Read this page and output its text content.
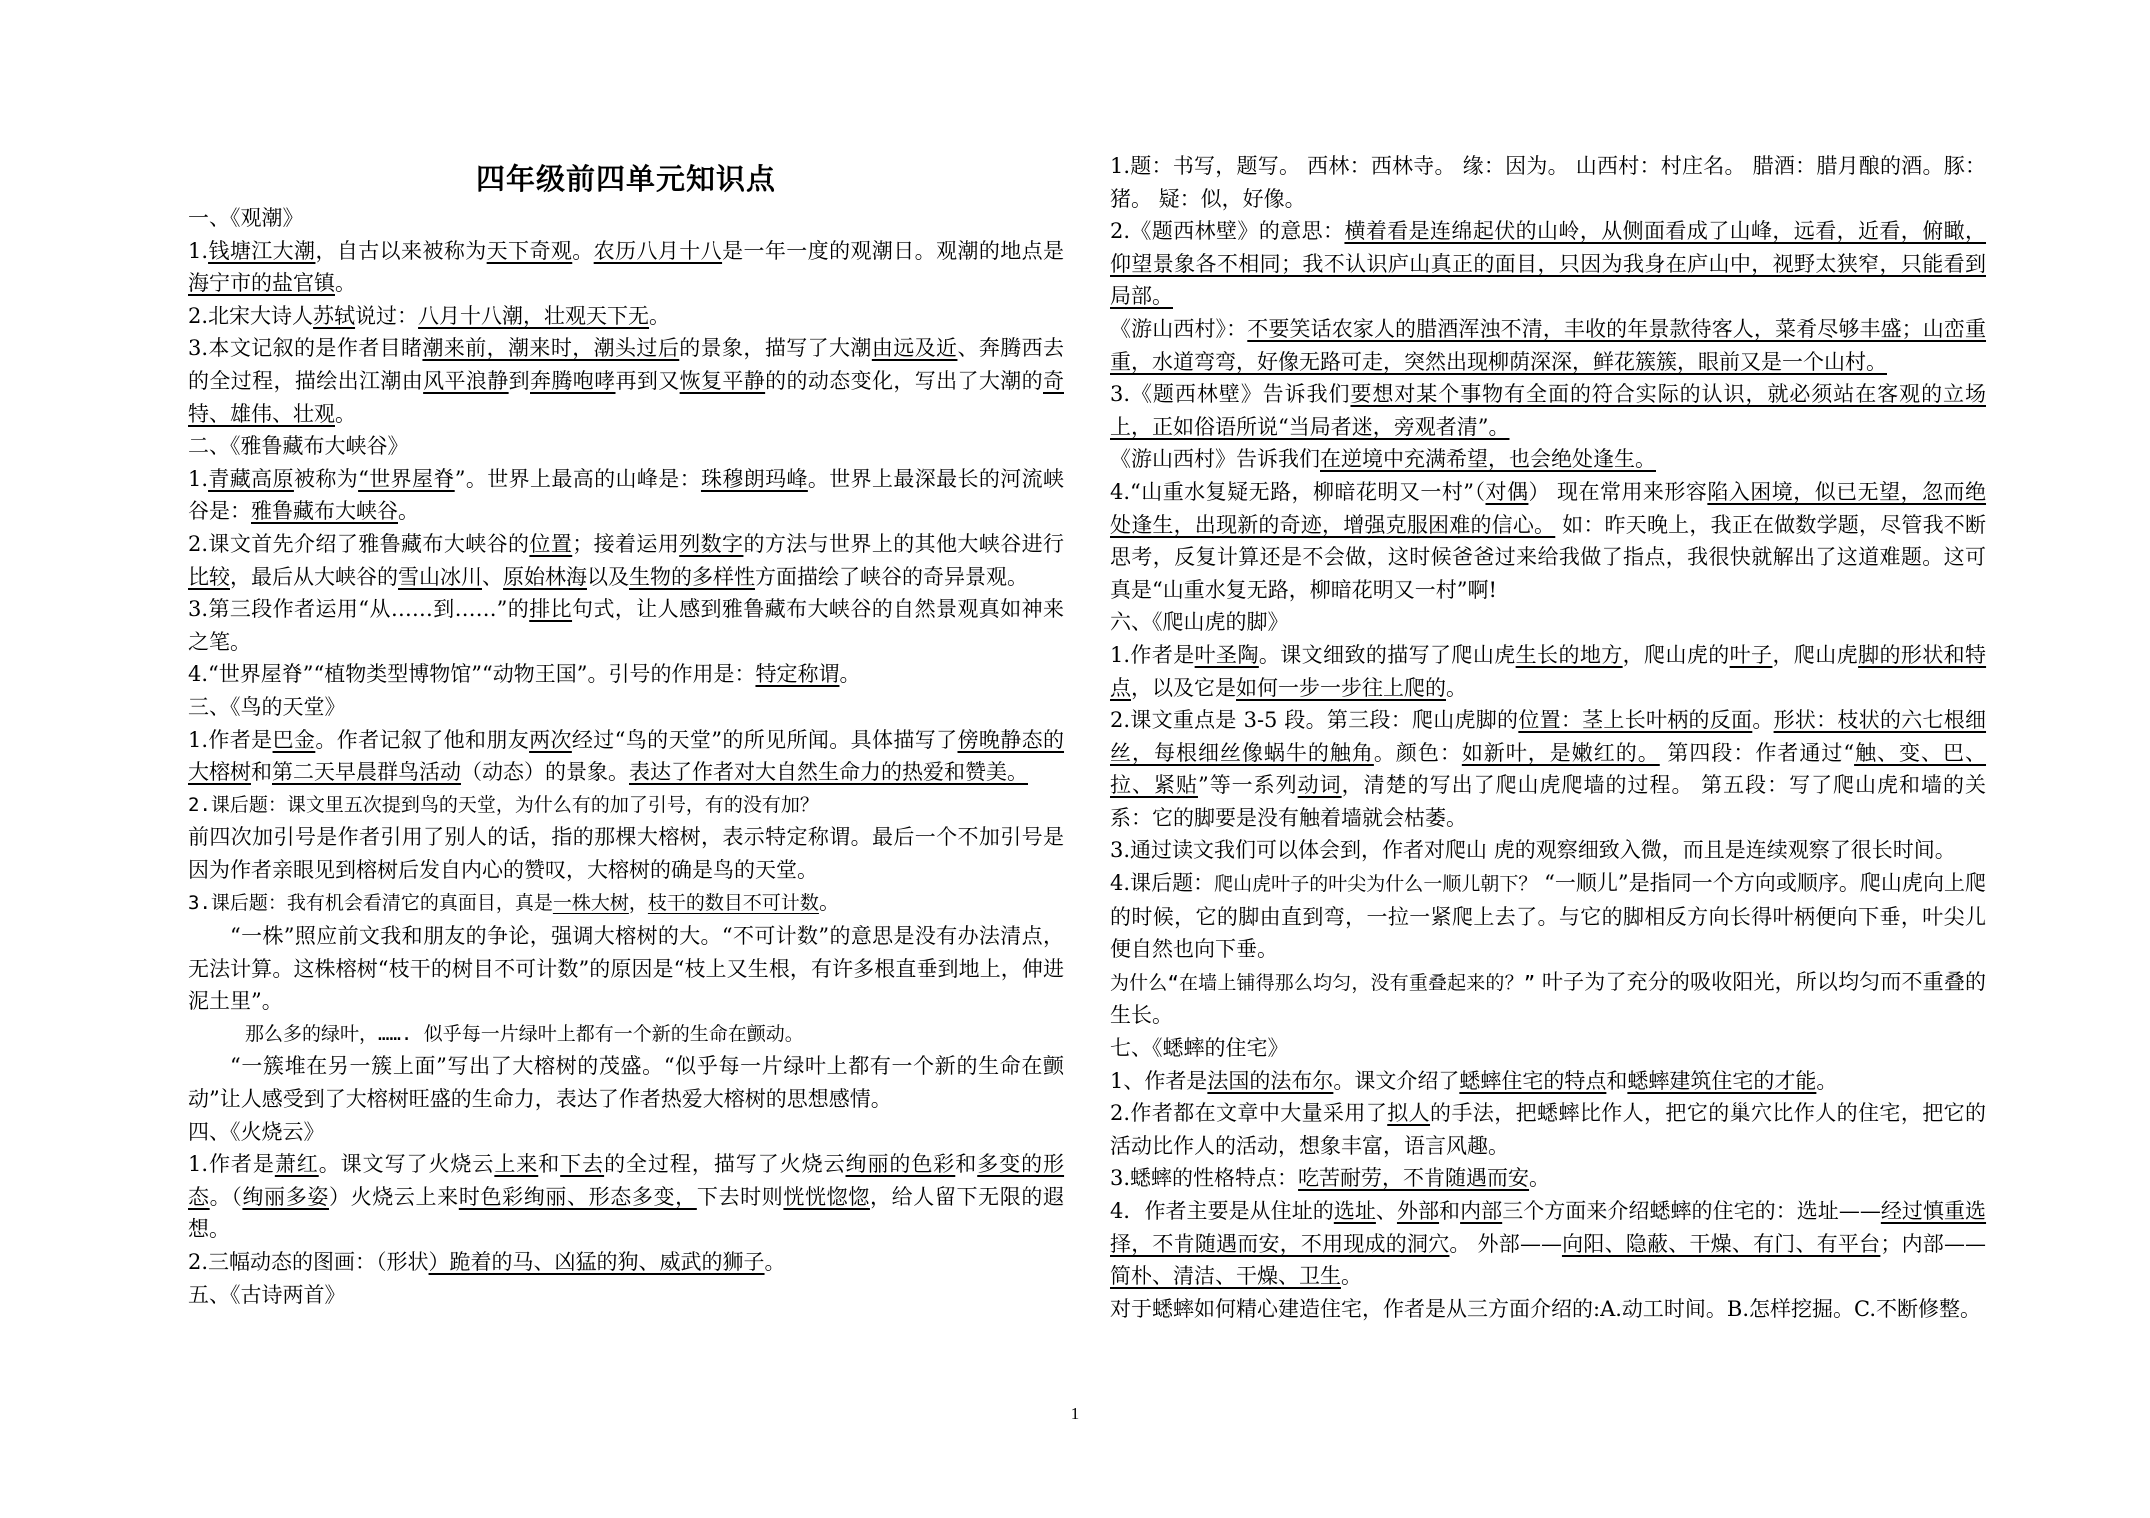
四年级前四单元知识点

一、《观潮》

1.钱塘江大潮，自古以来被称为天下奇观。农历八月十八是一年一度的观潮日。观潮的地点是海宁市的盐官镇。

2.北宋大诗人苏轼说过：八月十八潮，壮观天下无。

3.本文记叙的是作者目睹潮来前，潮来时，潮头过后的景象，描写了大潮由远及近、奔腾西去的全过程，描绘出江潮由风平浪静到奔腾咆哮再到又恢复平静的的动态变化，写出了大潮的奇特、雄伟、壮观。

二、《雅鲁藏布大峡谷》

1.青藏高原被称为“世界屋脊”。世界上最高的山峰是：珠穆朗玛峰。世界上最深最长的河流峡谷是：雅鲁藏布大峡谷。

2.课文首先介绍了雅鲁藏布大峡谷的位置；接着运用列数字的方法与世界上的其他大峡谷进行比较，最后从大峡谷的雪山冰川、原始林海以及生物的多样性方面描绘了峡谷的奇异景观。

3.第三段作者运用“从……到……”的排比句式，让人感到雅鲁藏布大峡谷的自然景观真如神来之笔。

4.“世界屋脊”“植物类型博物馆”“动物王国”。引号的作用是：特定称谓。

三、《鸟的天堂》

1.作者是巴金。作者记叙了他和朋友两次经过“鸟的天堂”的所见所闻。具体描写了傍晚静态的大榕树和第二天早晨群鸟活动（动态）的景象。表达了作者对大自然生命力的热爱和赞美。

2.课后题：课文里五次提到鸟的天堂，为什么有的加了引号，有的没有加？

前四次加引号是作者引用了别人的话，指的那棵大榕树，表示特定称谓。最后一个不加引号是因为作者亲眼见到榕树后发自内心的赞叹，大榕树的确是鸟的天堂。

3.课后题：我有机会看清它的真面目，真是一株大树，枝干的数目不可计数。

“一株”照应前文我和朋友的争论，强调大榕树的大。“不可计数”的意思是没有办法清点，无法计算。这株榕树“枝干的树目不可计数”的原因是“枝上又生根，有许多根直垂到地上，伸进泥土里”。

那么多的绿叶，……. 似乎每一片绿叶上都有一个新的生命在颤动。

“一簇堆在另一簇上面”写出了大榕树的茂盛。“似乎每一片绿叶上都有一个新的生命在颤动”让人感受到了大榕树旺盛的生命力，表达了作者热爱大榕树的思想感情。

四、《火烧云》

1.作者是萧红。课文写了火烧云上来和下去的全过程，描写了火烧云绚丽的色彩和多变的形态。（绚丽多姿）火烧云上来时色彩绚丽、形态多变，下去时则恍恍惚惚，给人留下无限的遐想。

2.三幅动态的图画：（形状）跪着的马、凶猛的狗、威武的狮子。

五、《古诗两首》

1.题：书写，题写。 西林：西林寺。 缘：因为。 山西村：村庄名。 腊酒：腊月酿的酒。豚：猪。 疑：似，好像。

2.《题西林壁》的意思：横着看是连绵起伏的山岭，从侧面看成了山峰，远看，近看，俯瞰，仰望景象各不相同；我不认识庐山真正的面目，只因为我身在庐山中，视野太狭窄，只能看到局部。

《游山西村》：不要笑话农家人的腊酒浑浊不清，丰收的年景款待客人，菜肴尽够丰盛；山峦重重，水道弯弯，好像无路可走，突然出现柳荫深深，鲜花簇簇，眼前又是一个山村。

3.《题西林壁》告诉我们要想对某个事物有全面的符合实际的认识，就必须站在客观的立场上，正如俗语所说“当局者迷，旁观者清”。

《游山西村》告诉我们在逆境中充满希望，也会绝处逢生。

4.“山重水复疑无路，柳暗花明又一村”（对偶） 现在常用来形容陷入困境，似已无望，忽而绝处逢生，出现新的奇迹，增强克服困难的信心。 如：昨天晚上，我正在做数学题，尽管我不断思考，反复计算还是不会做，这时候爸爸过来给我做了指点，我很快就解出了这道难题。这可真是“山重水复无路，柳暗花明又一村”啊!

六、《爬山虎的脚》

1.作者是叶圣陶。课文细致的描写了爬山虎生长的地方，爬山虎的叶子，爬山虎脚的形状和特点，以及它是如何一步一步往上爬的。

2.课文重点是 3-5 段。第三段：爬山虎脚的位置：茎上长叶柄的反面。形状：枝状的六七根细丝，每根细丝像蜗牛的触角。颜色：如新叶，是嫩红的。 第四段：作者通过“触、变、巴、拉、紧贴”等一系列动词，清楚的写出了爬山虎爬墙的过程。 第五段：写了爬山虎和墙的关系：它的脚要是没有触着墙就会枯萎。

3.通过读文我们可以体会到，作者对爬山 虎的观察细致入微，而且是连续观察了很长时间。

4.课后题：爬山虎叶子的叶尖为什么一顺儿朝下？ “一顺儿”是指同一个方向或顺序。爬山虎向上爬的时候，它的脚由直到弯，一拉一紧爬上去了。与它的脚相反方向长得叶柄便向下垂，叶尖儿便自然也向下垂。

为什么“在墙上铺得那么均匀，没有重叠起来的？” 叶子为了充分的吸收阳光，所以均匀而不重叠的生长。

七、《蟋蟀的住宅》

1、作者是法国的法布尔。课文介绍了蟋蟀住宅的特点和蟋蟀建筑住宅的才能。

2.作者都在文章中大量采用了拟人的手法，把蟋蟀比作人，把它的巢穴比作人的住宅，把它的活动比作人的活动，想象丰富，语言风趣。

3.蟋蟀的性格特点：吃苦耐劳，不肯随遇而安。

4．作者主要是从住址的选址、外部和内部三个方面来介绍蟋蟀的住宅的：选址——经过慎重选择，不肯随遇而安，不用现成的洞穴。 外部——向阳、隐蔽、干燥、有门、有平台；内部——简朴、清洁、干燥、卫生。

对于蟋蟀如何精心建造住宅，作者是从三方面介绍的:A.动工时间。B.怎样挖掘。C.不断修整。

1
